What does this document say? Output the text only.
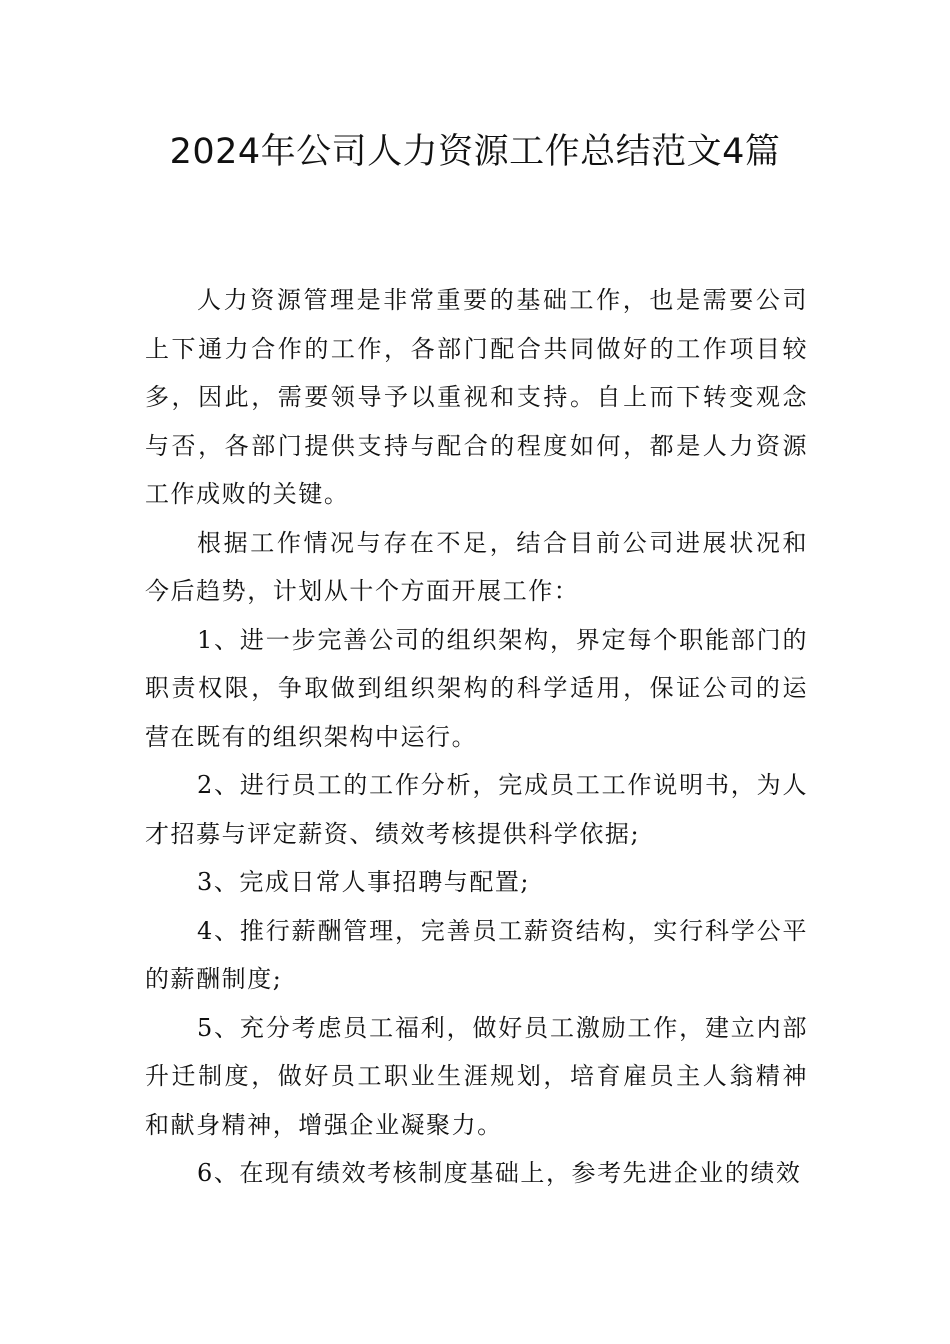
2024年公司人力资源工作总结范文4篇

人力资源管理是非常重要的基础工作，也是需要公司上下通力合作的工作，各部门配合共同做好的工作项目较多，因此，需要领导予以重视和支持。自上而下转变观念与否，各部门提供支持与配合的程度如何，都是人力资源工作成败的关键。

根据工作情况与存在不足，结合目前公司进展状况和今后趋势，计划从十个方面开展工作：

1、进一步完善公司的组织架构，界定每个职能部门的职责权限，争取做到组织架构的科学适用，保证公司的运营在既有的组织架构中运行。

2、进行员工的工作分析，完成员工工作说明书，为人才招募与评定薪资、绩效考核提供科学依据;

3、完成日常人事招聘与配置;

4、推行薪酬管理，完善员工薪资结构，实行科学公平的薪酬制度;

5、充分考虑员工福利，做好员工激励工作，建立内部升迁制度，做好员工职业生涯规划，培育雇员主人翁精神和献身精神，增强企业凝聚力。

6、在现有绩效考核制度基础上，参考先进企业的绩效
